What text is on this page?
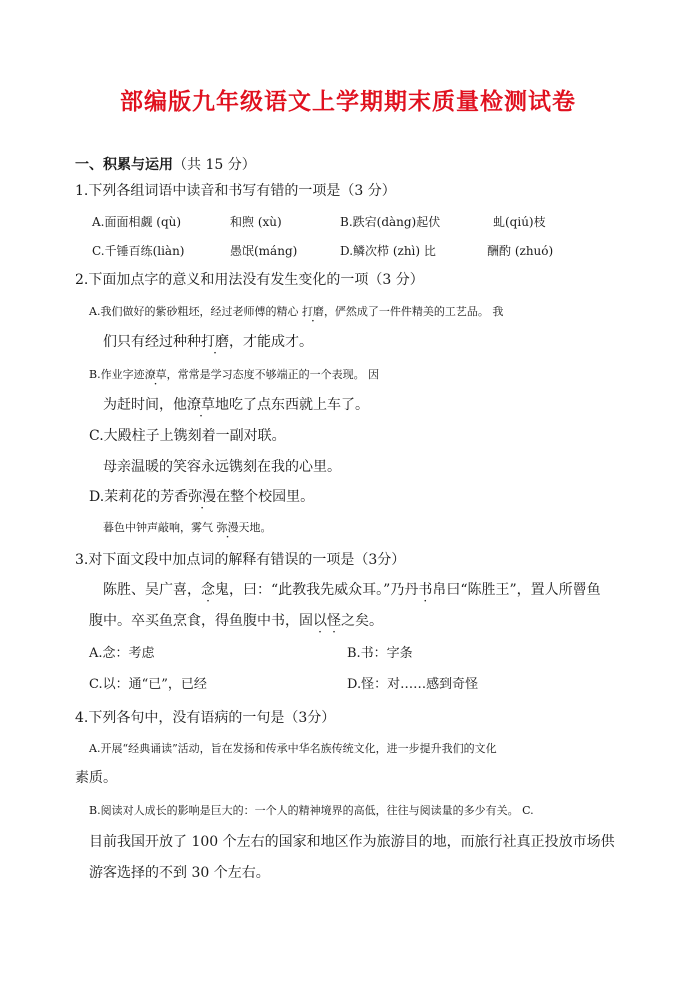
部编版九年级语文上学期期末质量检测试卷
一、积累与运用（共 15 分）
1.下列各组词语中读音和书写有错的一项是（3 分）
A.面面相觑 (qù)	和煦 (xù)	B.跌宕(dàng)起伏	虬(qiú)枝
C.千锤百练(liàn)	愚氓(máng)	D.鳞次栉 (zhì) 比	酬酌 (zhuó)
2.下面加点字的意义和用法没有发生变化的一项（3 分）
A.我们做好的紫砂粗坯，经过老师傅的精心 打磨，俨然成了一件件精美的工艺品。 我
们只有经过种种打磨，才能成才。
B.作业字迹潦草，常常是学习态度不够端正的一个表现。 因
为赶时间，他潦草地吃了点东西就上车了。
C.大殿柱子上镌刻着一副对联。
母亲温暖的笑容永远镌刻在我的心里。
D.茉莉花的芳香弥漫在整个校园里。
暮色中钟声敲响，雾气 弥漫天地。
3.对下面文段中加点词的解释有错误的一项是（3分）
陈胜、吴广喜，念鬼，曰：“此教我先威众耳。”乃丹书帛曰“陈胜王”，置人所罾鱼
腹中。卒买鱼烹食，得鱼腹中书，固以怪之矣。
A.念：考虑	B.书：字条
C.以：通“已”，已经	D.怪：对……感到奇怪
4.下列各句中，没有语病的一句是（3分）
A.开展“经典诵读”活动，旨在发扬和传承中华名族传统文化，进一步提升我们的文化
素质。
B.阅读对人成长的影响是巨大的：一个人的精神境界的高低，往往与阅读量的多少有关。 C.
目前我国开放了 100 个左右的国家和地区作为旅游目的地，而旅行社真正投放市场供
游客选择的不到 30 个左右。
